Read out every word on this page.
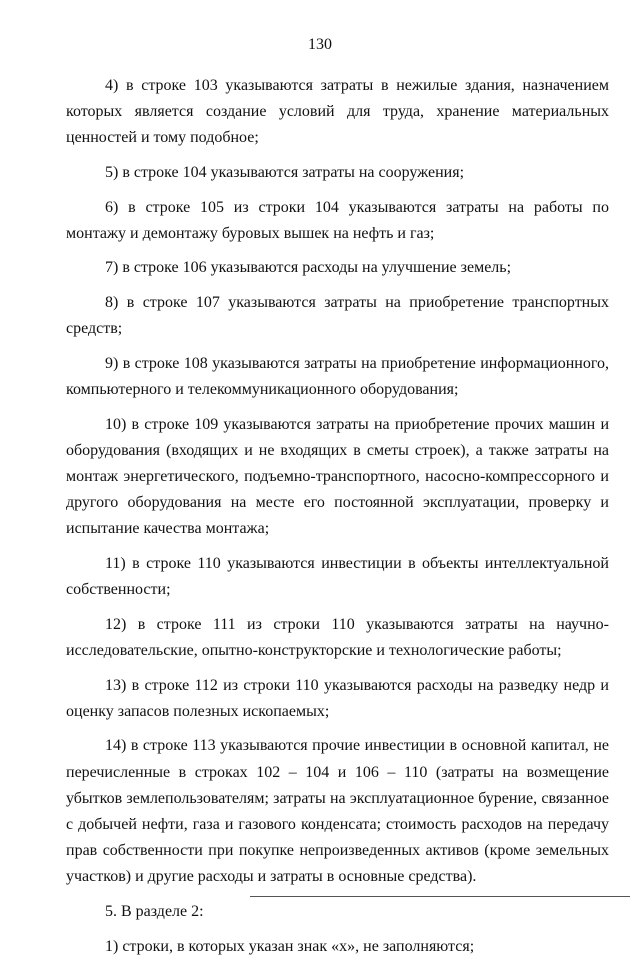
130

4) в строке 103 указываются затраты в нежилые здания, назначением которых является создание условий для труда, хранение материальных ценностей и тому подобное;

5) в строке 104 указываются затраты на сооружения;

6) в строке 105 из строки 104 указываются затраты на работы по монтажу и демонтажу буровых вышек на нефть и газ;

7) в строке 106 указываются расходы на улучшение земель;

8) в строке 107 указываются затраты на приобретение транспортных средств;

9) в строке 108 указываются затраты на приобретение информационного, компьютерного и телекоммуникационного оборудования;

10) в строке 109 указываются затраты на приобретение прочих машин и оборудования (входящих и не входящих в сметы строек), а также затраты на монтаж энергетического, подъемно-транспортного, насосно-компрессорного и другого оборудования на месте его постоянной эксплуатации, проверку и испытание качества монтажа;

11) в строке 110 указываются инвестиции в объекты интеллектуальной собственности;

12) в строке 111 из строки 110 указываются затраты на научно-исследовательские, опытно-конструкторские и технологические работы;

13) в строке 112 из строки 110 указываются расходы на разведку недр и оценку запасов полезных ископаемых;

14) в строке 113 указываются прочие инвестиции в основной капитал, не перечисленные в строках 102 – 104 и 106 – 110 (затраты на возмещение убытков землепользователям; затраты на эксплуатационное бурение, связанное с добычей нефти, газа и газового конденсата; стоимость расходов на передачу прав собственности при покупке непроизведенных активов (кроме земельных участков) и другие расходы и затраты в основные средства).

5. В разделе 2:

1) строки, в которых указан знак «х», не заполняются;
